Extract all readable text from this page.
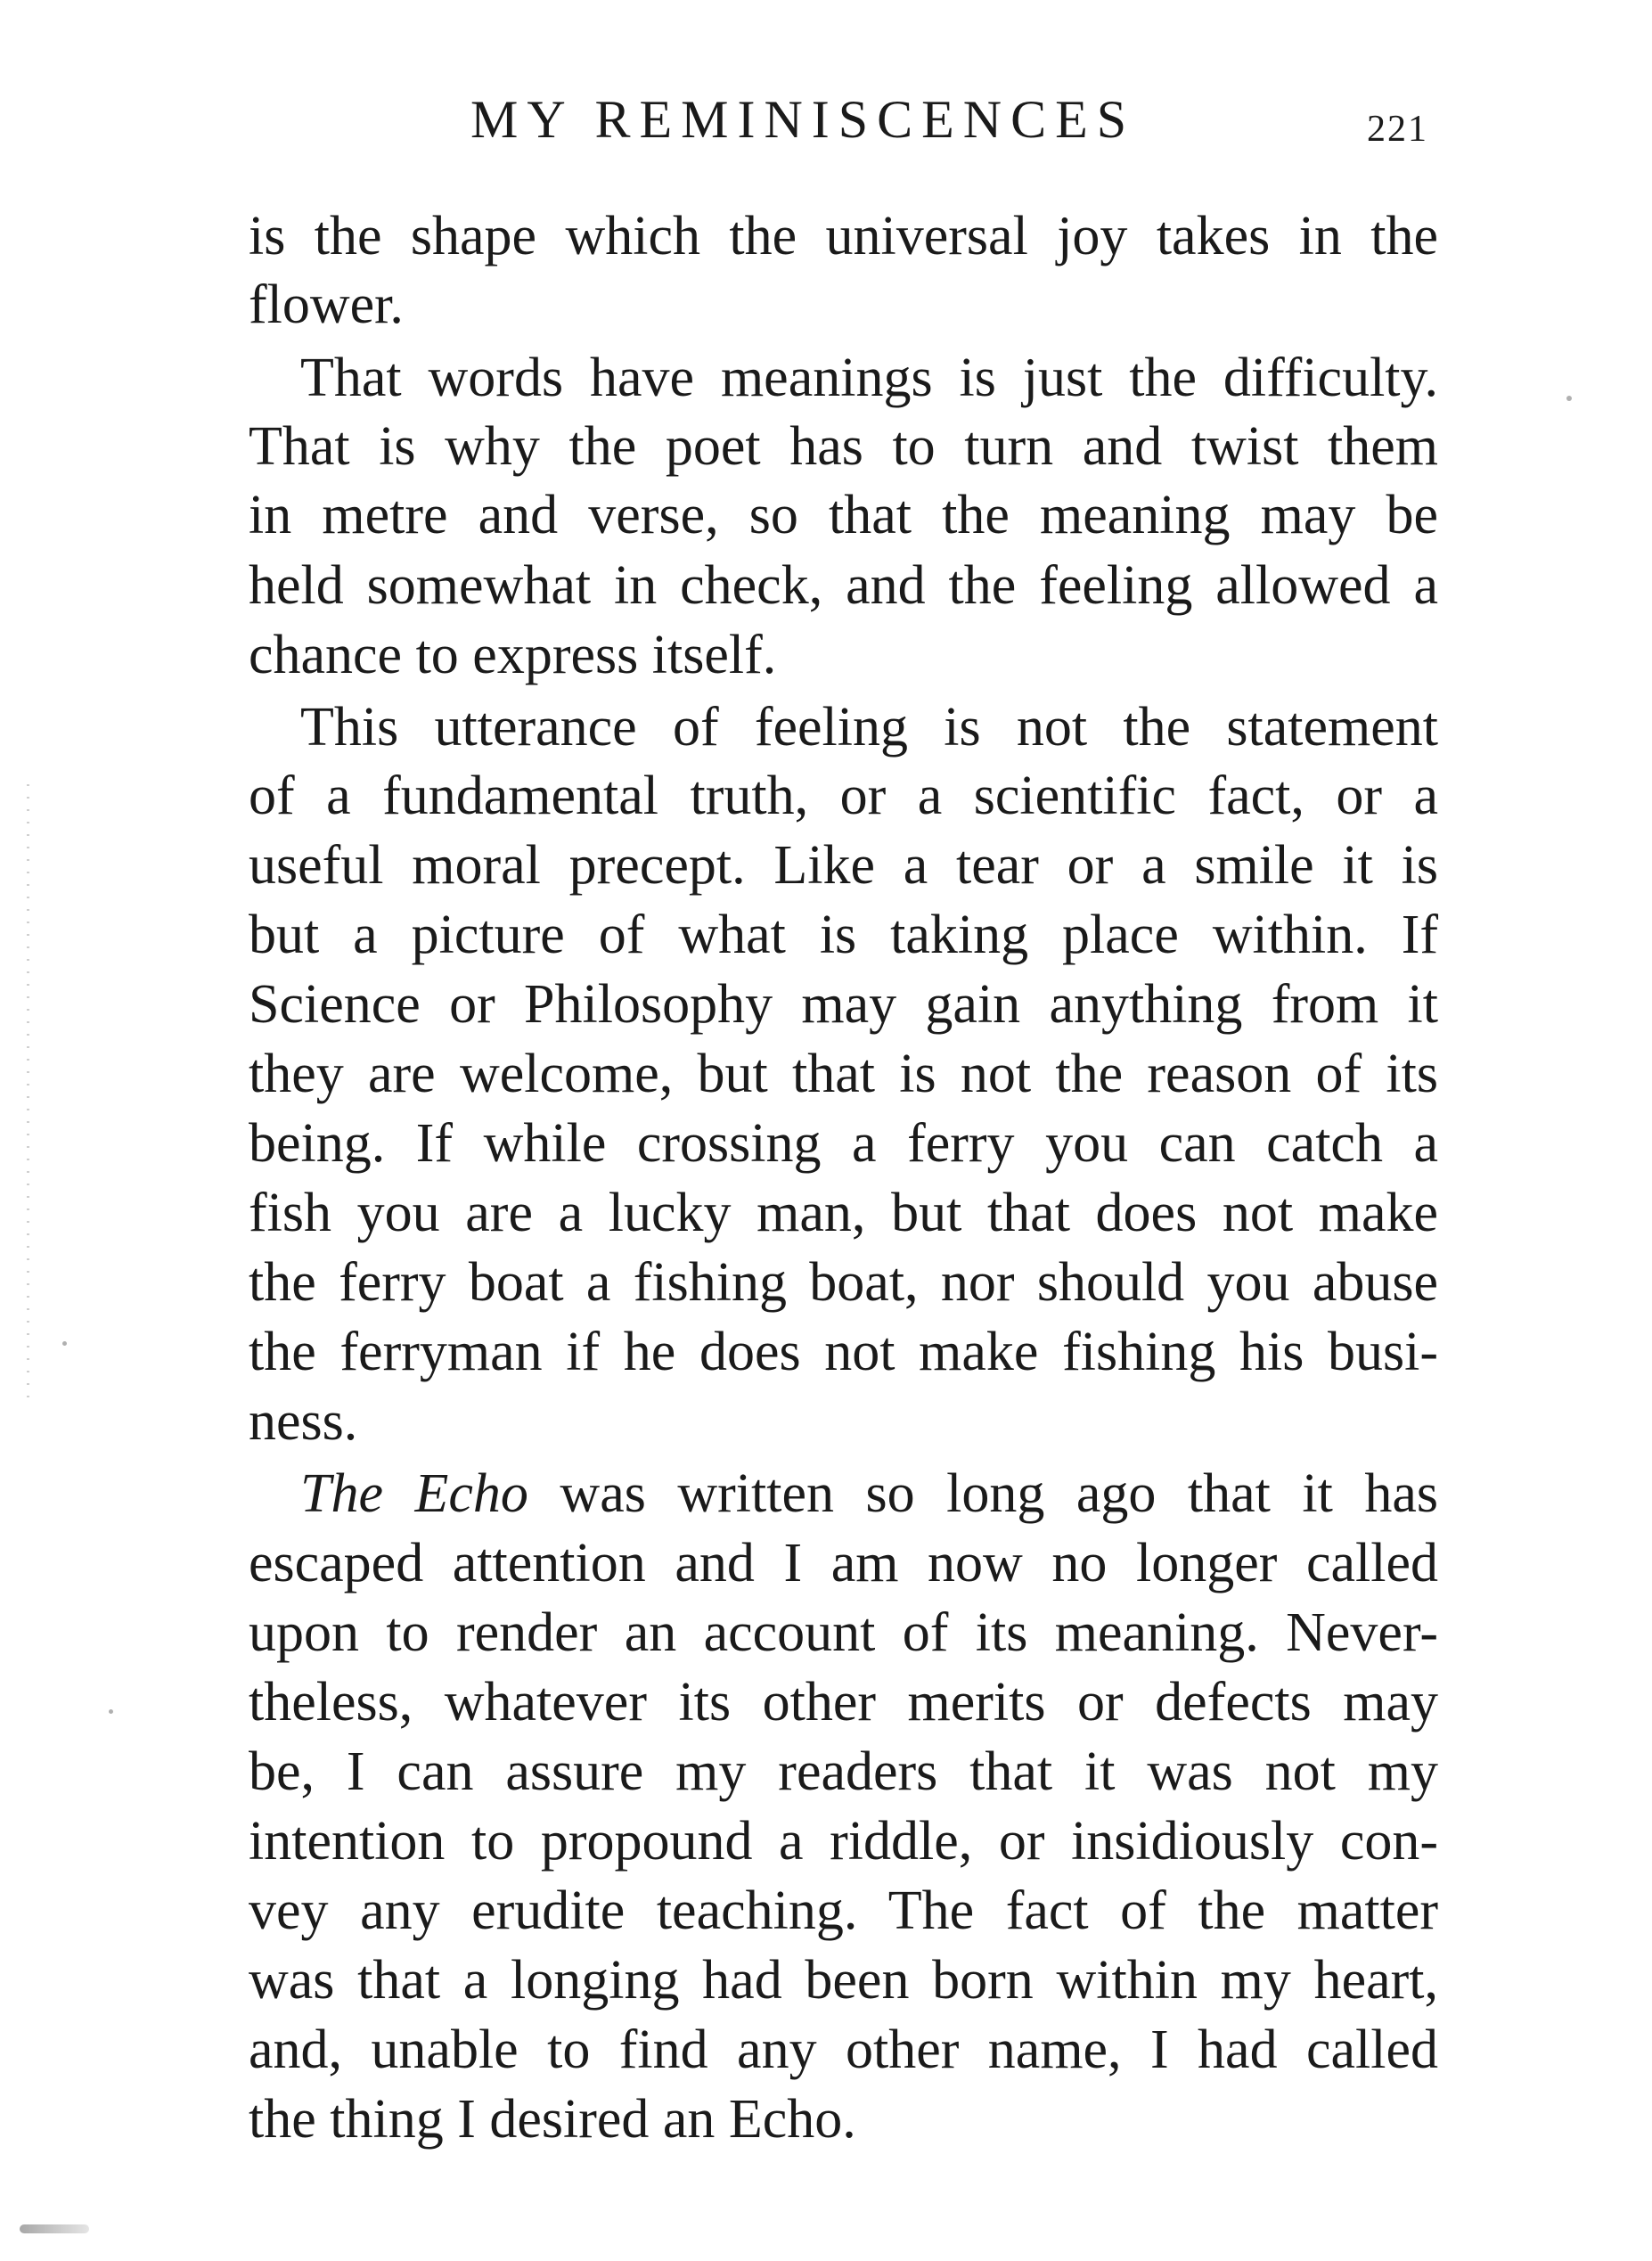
MY REMINISCENCES	221
is the shape which the universal joy takes in the
flower.
That words have meanings is just the difficulty.
That is why the poet has to turn and twist them
in metre and verse, so that the meaning may be
held somewhat in check, and the feeling allowed a
chance to express itself.
This utterance of feeling is not the statement
of a fundamental truth, or a scientific fact, or a
useful moral precept. Like a tear or a smile it is
but a picture of what is taking place within. If
Science or Philosophy may gain anything from it
they are welcome, but that is not the reason of its
being. If while crossing a ferry you can catch a
fish you are a lucky man, but that does not make
the ferry boat a fishing boat, nor should you abuse
the ferryman if he does not make fishing his busi-
ness.
The Echo was written so long ago that it has
escaped attention and I am now no longer called
upon to render an account of its meaning. Never-
theless, whatever its other merits or defects may
be, I can assure my readers that it was not my
intention to propound a riddle, or insidiously con-
vey any erudite teaching. The fact of the matter
was that a longing had been born within my heart,
and, unable to find any other name, I had called
the thing I desired an Echo.
